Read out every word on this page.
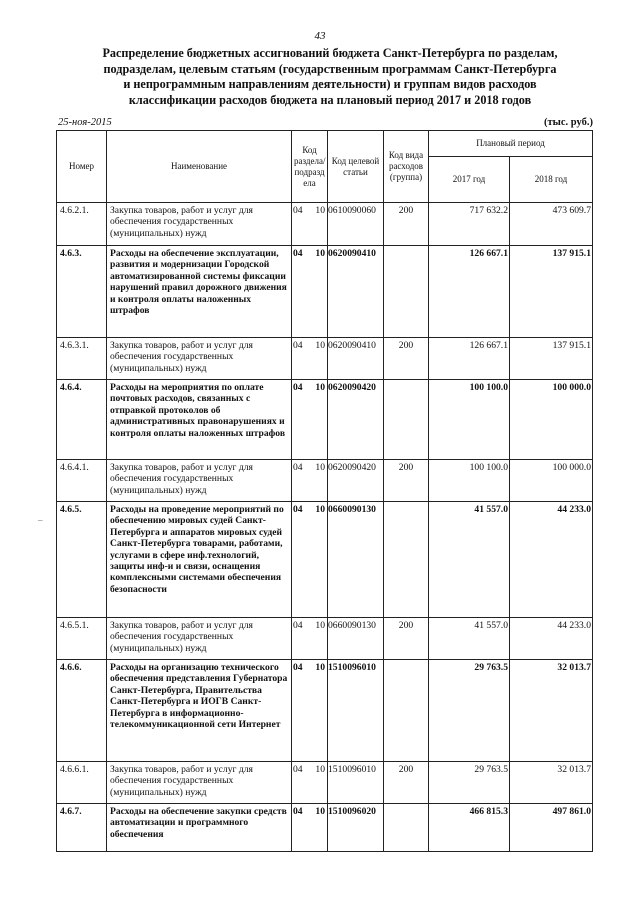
43
Распределение бюджетных ассигнований бюджета Санкт-Петербурга по разделам,
подразделам, целевым статьям (государственным программам Санкт-Петербурга
и непрограммным направлениям деятельности) и группам видов расходов
классификации расходов бюджета на плановый период 2017 и 2018 годов
25-ноя-2015	(тыс. руб.)
Номер	Наименование	Код раздела/ подразд ела	Код целевой статьи	Код вида расходов (группа)	Плановый период	
					2017 год	2018 год
4.6.2.1.	Закупка товаров, работ и услуг для обеспечения государственных (муниципальных) нужд	04 10	0610090060	200	717 632.2	473 609.7
4.6.3.	Расходы на обеспечение эксплуатации, развития и модернизации Городской автоматизированной системы фиксации нарушений правил дорожного движения и контроля оплаты наложенных штрафов	04 10	0620090410		126 667.1	137 915.1
4.6.3.1.	Закупка товаров, работ и услуг для обеспечения государственных (муниципальных) нужд	04 10	0620090410	200	126 667.1	137 915.1
4.6.4.	Расходы на мероприятия по оплате почтовых расходов, связанных с отправкой протоколов об административных правонарушениях и контроля оплаты наложенных штрафов	04 10	0620090420		100 100.0	100 000.0
4.6.4.1.	Закупка товаров, работ и услуг для обеспечения государственных (муниципальных) нужд	04 10	0620090420	200	100 100.0	100 000.0
4.6.5.	Расходы на проведение мероприятий по обеспечению мировых судей Санкт-Петербурга и аппаратов мировых судей Санкт-Петербурга товарами, работами, услугами в сфере инф.технологий, защиты инф-и и связи, оснащения комплексными системами обеспечения безопасности	04 10	0660090130		41 557.0	44 233.0
4.6.5.1.	Закупка товаров, работ и услуг для обеспечения государственных (муниципальных) нужд	04 10	0660090130	200	41 557.0	44 233.0
4.6.6.	Расходы на организацию технического обеспечения представления Губернатора Санкт-Петербурга, Правительства Санкт-Петербурга и ИОГВ Санкт-Петербурга в информационно-телекоммуникационной сети Интернет	04 10	1510096010		29 763.5	32 013.7
4.6.6.1.	Закупка товаров, работ и услуг для обеспечения государственных (муниципальных) нужд	04 10	1510096010	200	29 763.5	32 013.7
4.6.7.	Расходы на обеспечение закупки средств автоматизации и программного обеспечения	04 10	1510096020		466 815.3	497 861.0
–
